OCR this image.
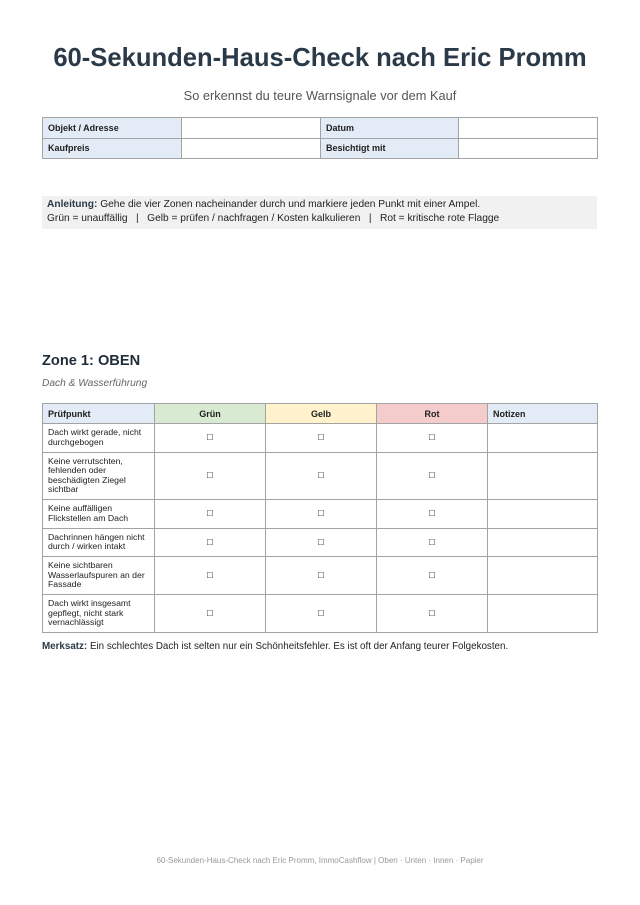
60-Sekunden-Haus-Check nach Eric Promm
So erkennst du teure Warnsignale vor dem Kauf
Objekt / Adresse		Datum	
Kaufpreis		Besichtigt mit	
Anleitung: Gehe die vier Zonen nacheinander durch und markiere jeden Punkt mit einer Ampel.
Grün = unauffällig   |   Gelb = prüfen / nachfragen / Kosten kalkulieren   |   Rot = kritische rote Flagge
Zone 1: OBEN
Dach & Wasserführung
Prüfpunkt	Grün	Gelb	Rot	Notizen
Dach wirkt gerade, nicht durchgebogen	☐	☐	☐	
Keine verrutschten, fehlenden oder beschädigten Ziegel sichtbar	☐	☐	☐	
Keine auffälligen Flickstellen am Dach	☐	☐	☐	
Dachrinnen hängen nicht durch / wirken intakt	☐	☐	☐	
Keine sichtbaren Wasserlaufspuren an der Fassade	☐	☐	☐	
Dach wirkt insgesamt gepflegt, nicht stark vernachlässigt	☐	☐	☐	
Merksatz: Ein schlechtes Dach ist selten nur ein Schönheitsfehler. Es ist oft der Anfang teurer Folgekosten.
60-Sekunden-Haus-Check nach Eric Promm, ImmoCashflow | Oben · Unten · Innen · Papier
